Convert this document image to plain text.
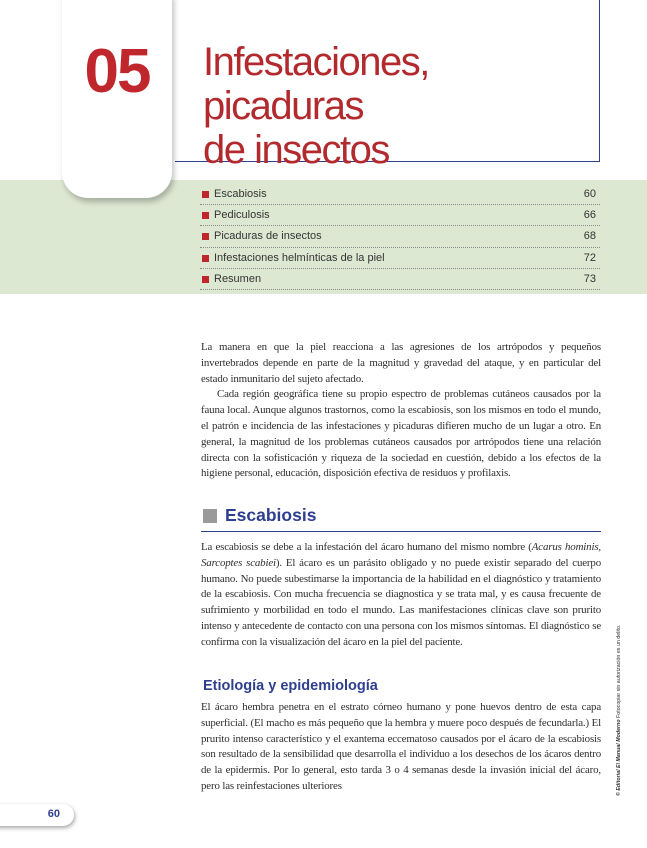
05	Infestaciones, picaduras
de insectos
Escabiosis	60
Pediculosis	66
Picaduras de insectos	68
Infestaciones helmínticas de la piel	72
Resumen	73

La manera en que la piel reacciona a las agresiones de los artrópodos y pequeños invertebrados depende en parte de la magnitud y gravedad del ataque, y en particular del estado inmunitario del sujeto afectado.

Cada región geográfica tiene su propio espectro de problemas cutáneos causados por la fauna local. Aunque algunos trastornos, como la escabiosis, son los mismos en todo el mundo, el patrón e incidencia de las infestaciones y picaduras difieren mucho de un lugar a otro. En general, la magnitud de los problemas cutáneos causados por artrópodos tiene una relación directa con la sofisticación y riqueza de la sociedad en cuestión, debido a los efectos de la higiene personal, educación, disposición efectiva de residuos y profilaxis.

Escabiosis

La escabiosis se debe a la infestación del ácaro humano del mismo nombre (Acarus hominis, Sarcoptes scabiei). El ácaro es un parásito obligado y no puede existir separado del cuerpo humano. No puede subestimarse la importancia de la habilidad en el diagnóstico y tratamiento de la escabiosis. Con mucha frecuencia se diagnostica y se trata mal, y es causa frecuente de sufrimiento y morbilidad en todo el mundo. Las manifestaciones clínicas clave son prurito intenso y antecedente de contacto con una persona con los mismos síntomas. El diagnóstico se confirma con la visualización del ácaro en la piel del paciente.

Etiología y epidemiología

El ácaro hembra penetra en el estrato córneo humano y pone huevos dentro de esta capa superficial. (El macho es más pequeño que la hembra y muere poco después de fecundarla.) El prurito intenso característico y el exantema eccematoso causados por el ácaro de la escabiosis son resultado de la sensibilidad que desarrolla el individuo a los desechos de los ácaros dentro de la epidermis. Por lo general, esto tarda 3 o 4 semanas desde la invasión inicial del ácaro, pero las reinfestaciones ulteriores	© Editorial El Manual Moderno Fotocopiar sin autorización es un delito.
60
